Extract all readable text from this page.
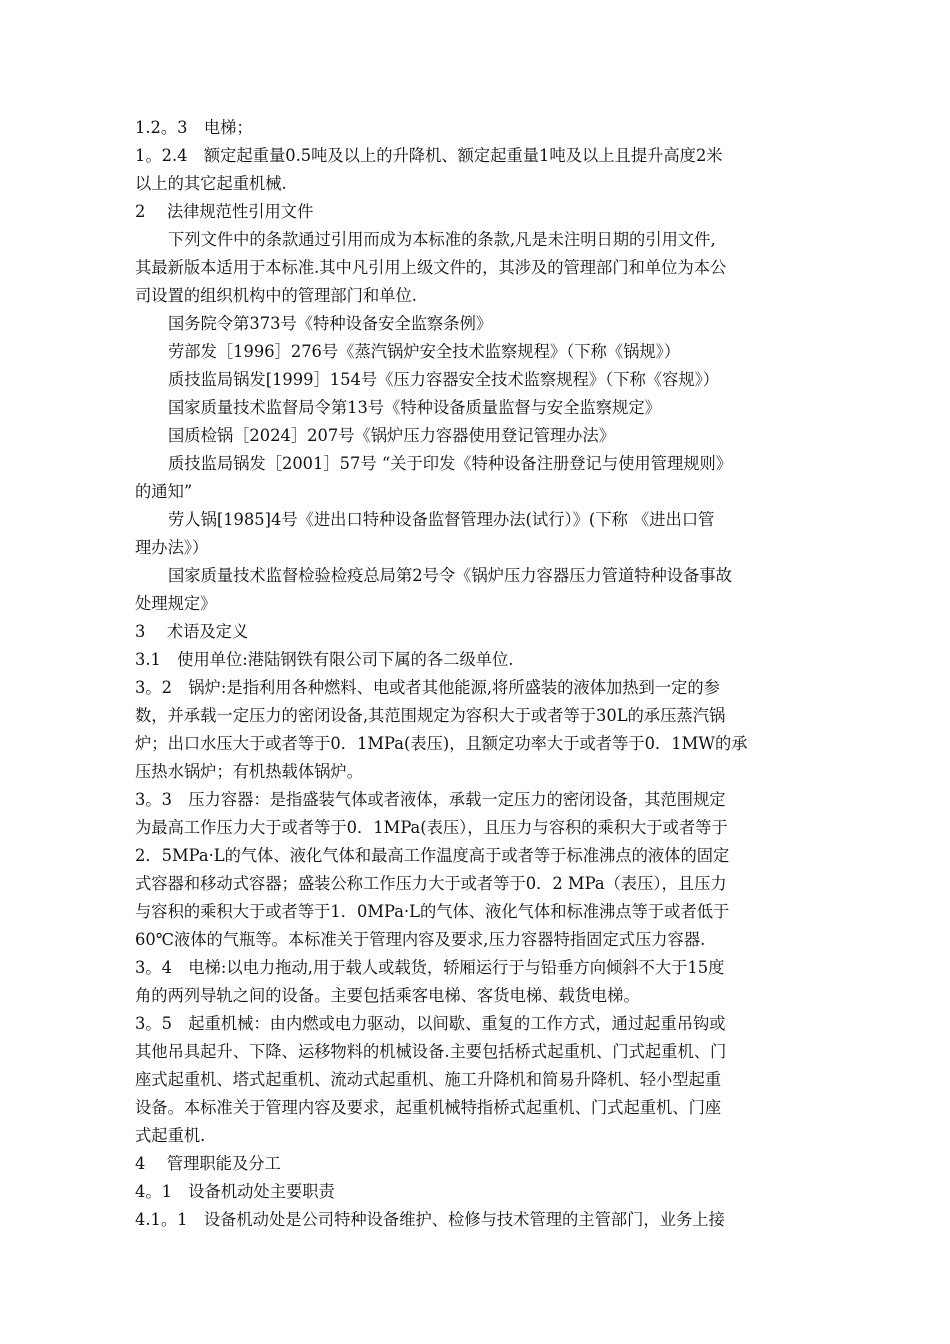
1.2。3　电梯；
1。2.4　额定起重量0.5吨及以上的升降机、额定起重量1吨及以上且提升高度2米
以上的其它起重机械.
2　 法律规范性引用文件
下列文件中的条款通过引用而成为本标准的条款,凡是未注明日期的引用文件,
其最新版本适用于本标准.其中凡引用上级文件的，其涉及的管理部门和单位为本公
司设置的组织机构中的管理部门和单位.
国务院令第373号《特种设备安全监察条例》
劳部发［1996］276号《蒸汽锅炉安全技术监察规程》（下称《锅规》）
质技监局锅发[1999］154号《压力容器安全技术监察规程》（下称《容规》）
国家质量技术监督局令第13号《特种设备质量监督与安全监察规定》
国质检锅［2024］207号《锅炉压力容器使用登记管理办法》
质技监局锅发［2001］57号 “关于印发《特种设备注册登记与使用管理规则》
的通知”
劳人锅[1985]4号《进出口特种设备监督管理办法(试行）》(下称 《进出口管
理办法》）
国家质量技术监督检验检疫总局第2号令《锅炉压力容器压力管道特种设备事故
处理规定》
3　 术语及定义
3.1　使用单位:港陆钢铁有限公司下属的各二级单位.
3。2　锅炉:是指利用各种燃料、电或者其他能源,将所盛装的液体加热到一定的参
数，并承载一定压力的密闭设备,其范围规定为容积大于或者等于30L的承压蒸汽锅
炉；出口水压大于或者等于0．1MPa(表压)，且额定功率大于或者等于0．1MW的承
压热水锅炉；有机热载体锅炉。
3。3　压力容器：是指盛装气体或者液体，承载一定压力的密闭设备，其范围规定
为最高工作压力大于或者等于0．1MPa(表压），且压力与容积的乘积大于或者等于
2．5MPa·L的气体、液化气体和最高工作温度高于或者等于标准沸点的液体的固定
式容器和移动式容器；盛装公称工作压力大于或者等于0．2 MPa（表压），且压力
与容积的乘积大于或者等于1．0MPa·L的气体、液化气体和标准沸点等于或者低于
60℃液体的气瓶等。本标准关于管理内容及要求,压力容器特指固定式压力容器.
3。4　电梯:以电力拖动,用于载人或载货，轿厢运行于与铅垂方向倾斜不大于15度
角的两列导轨之间的设备。主要包括乘客电梯、客货电梯、载货电梯。
3。5　起重机械：由内燃或电力驱动，以间歇、重复的工作方式，通过起重吊钩或
其他吊具起升、下降、运移物料的机械设备.主要包括桥式起重机、门式起重机、门
座式起重机、塔式起重机、流动式起重机、施工升降机和简易升降机、轻小型起重
设备。本标准关于管理内容及要求，起重机械特指桥式起重机、门式起重机、门座
式起重机.
4　 管理职能及分工
4。1　设备机动处主要职责
4.1。1　设备机动处是公司特种设备维护、检修与技术管理的主管部门，业务上接
